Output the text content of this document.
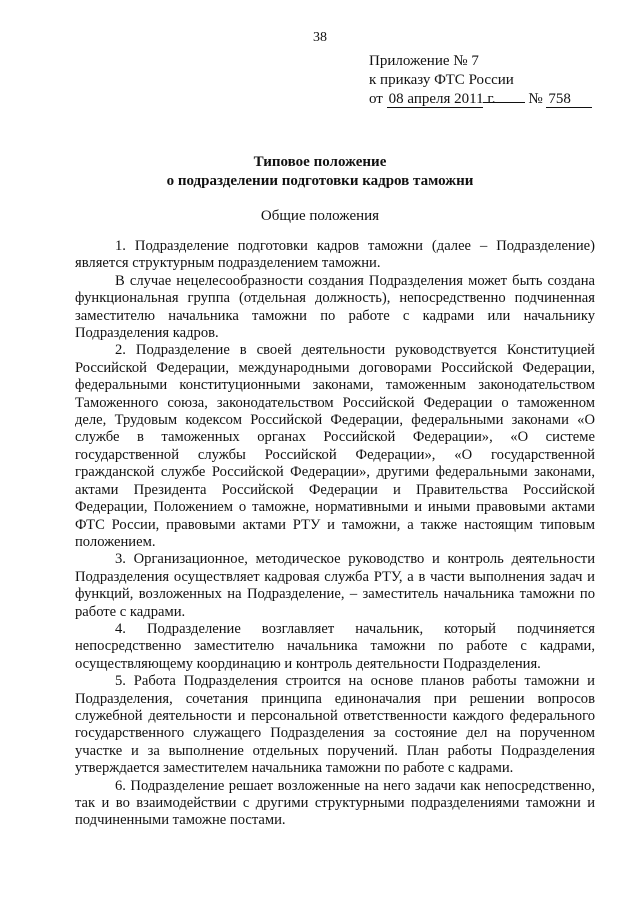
38
Приложение № 7
к приказу ФТС России
от 08 апреля 2011 г. № 758
Типовое положение
о подразделении подготовки кадров таможни
Общие положения

1. Подразделение подготовки кадров таможни (далее – Подразделение) является структурным подразделением таможни.

В случае нецелесообразности создания Подразделения может быть создана функциональная группа (отдельная должность), непосредственно подчиненная заместителю начальника таможни по работе с кадрами или начальнику Подразделения кадров.

2. Подразделение в своей деятельности руководствуется Конституцией Российской Федерации, международными договорами Российской Федерации, федеральными конституционными законами, таможенным законодательством Таможенного союза, законодательством Российской Федерации о таможенном деле, Трудовым кодексом Российской Федерации, федеральными законами «О службе в таможенных органах Российской Федерации», «О системе государственной службы Российской Федерации», «О государственной гражданской службе Российской Федерации», другими федеральными законами, актами Президента Российской Федерации и Правительства Российской Федерации, Положением о таможне, нормативными и иными правовыми актами ФТС России, правовыми актами РТУ и таможни, а также настоящим типовым положением.

3. Организационное, методическое руководство и контроль деятельности Подразделения осуществляет кадровая служба РТУ, а в части выполнения задач и функций, возложенных на Подразделение, – заместитель начальника таможни по работе с кадрами.

4. Подразделение возглавляет начальник, который подчиняется непосредственно заместителю начальника таможни по работе с кадрами, осуществляющему координацию и контроль деятельности Подразделения.

5. Работа Подразделения строится на основе планов работы таможни и Подразделения, сочетания принципа единоначалия при решении вопросов служебной деятельности и персональной ответственности каждого федерального государственного служащего Подразделения за состояние дел на порученном участке и за выполнение отдельных поручений. План работы Подразделения утверждается заместителем начальника таможни по работе с кадрами.

6. Подразделение решает возложенные на него задачи как непосредственно, так и во взаимодействии с другими структурными подразделениями таможни и подчиненными таможне постами.
